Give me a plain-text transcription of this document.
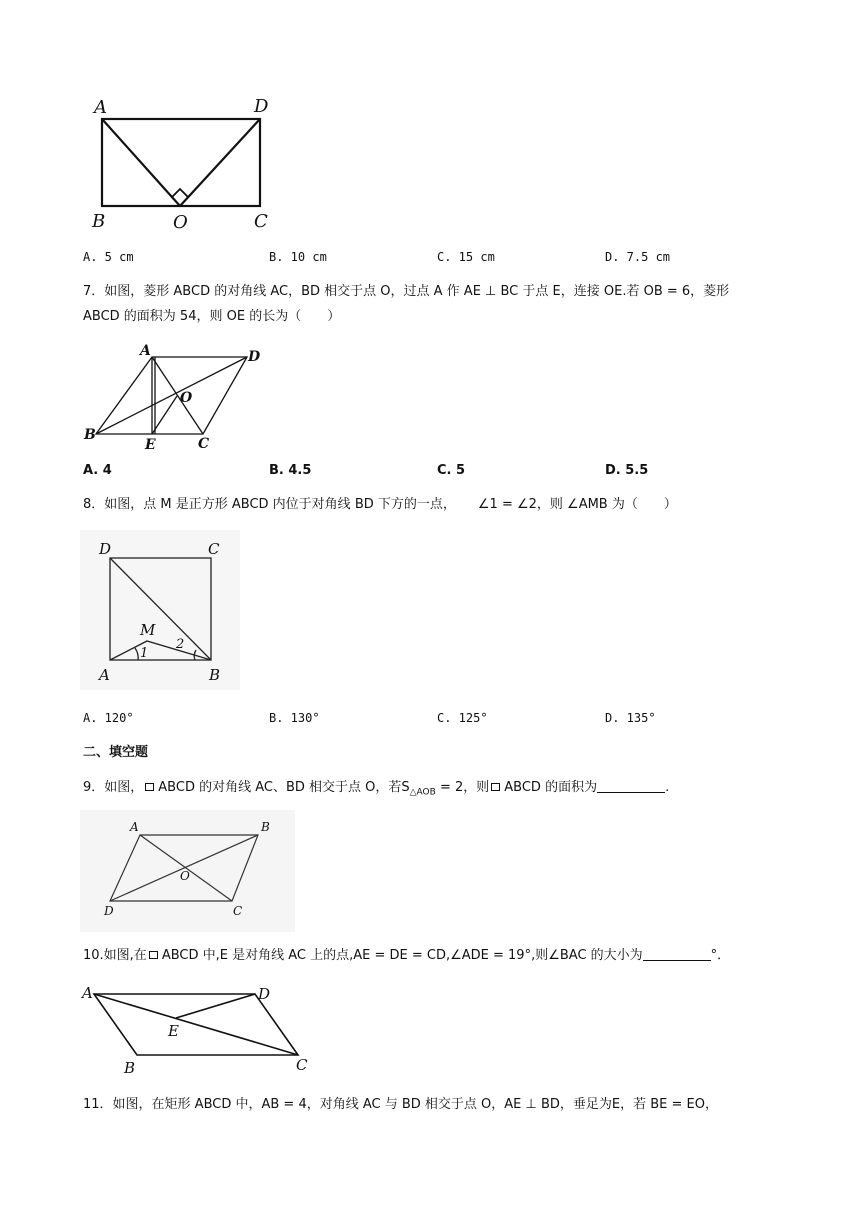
A	D
B	O	C
A. 5 cm	B. 10 cm	C. 15 cm	D. 7.5 cm
7．如图，菱形 ABCD 的对角线 AC，BD 相交于点 O，过点 A 作 AE ⊥ BC 于点 E，连接 OE.若 OB = 6，菱形
ABCD 的面积为 54，则 OE 的长为（　　）
A	D
O
B
E	C
A. 4	B. 4.5	C. 5	D. 5.5
8．如图，点 M 是正方形 ABCD 内位于对角线 BD 下方的一点， ∠1 = ∠2，则 ∠AMB 为（　　）
D	C
M
1
2
A	B
A. 120°	B. 130°	C. 125°	D. 135°
二、填空题
9．如图， ABCD 的对角线 AC、BD 相交于点 O，若$S_{\triangle AOB} = 2$，则 ABCD 的面积为	.
A	B
O
D	C
10.如图,在 ABCD 中,E 是对角线 AC 上的点,AE = DE = CD,∠ADE = 19°,则∠BAC 的大小为	°．
A	D
E
B	C
11．如图，在矩形 ABCD 中，AB = 4，对角线 AC 与 BD 相交于点 O，AE ⊥ BD，垂足为E，若 BE = EO，
